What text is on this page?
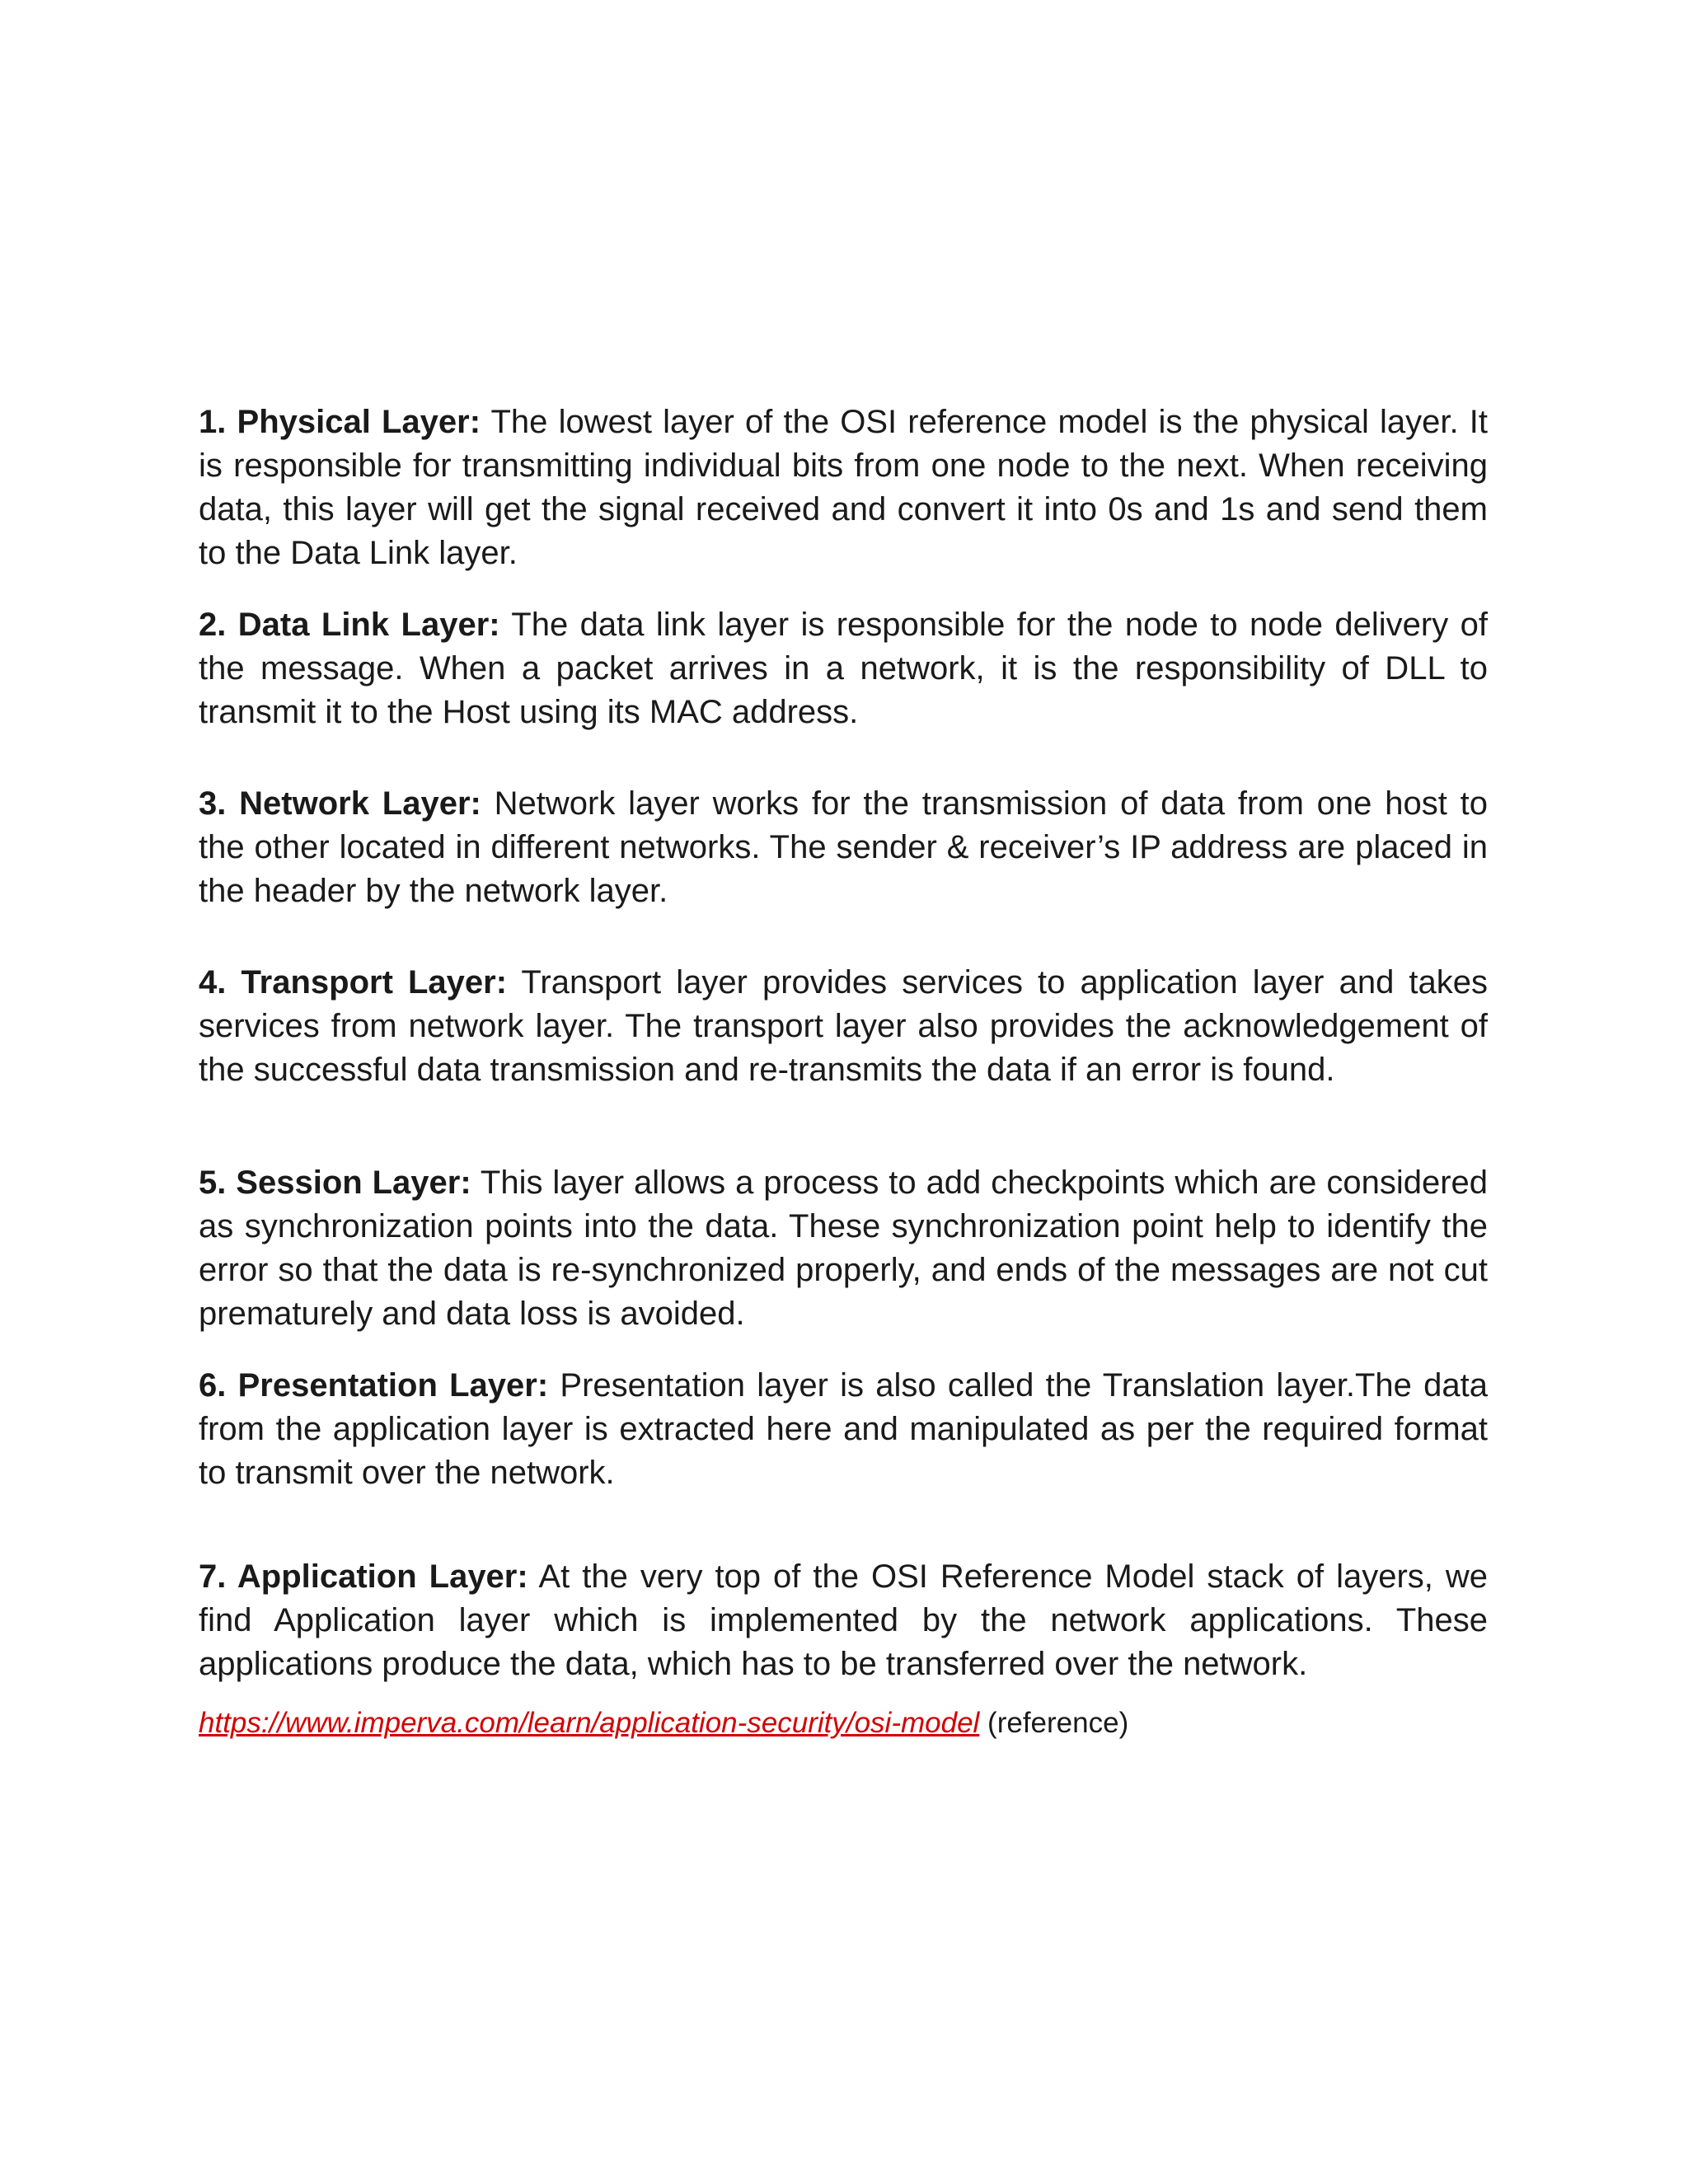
1. Physical Layer: The lowest layer of the OSI reference model is the physical layer. It is responsible for transmitting individual bits from one node to the next. When receiving data, this layer will get the signal received and convert it into 0s and 1s and send them to the Data Link layer.

2. Data Link Layer: The data link layer is responsible for the node to node delivery of the message. When a packet arrives in a network, it is the responsibility of DLL to transmit it to the Host using its MAC address.

3. Network Layer: Network layer works for the transmission of data from one host to the other located in different networks. The sender & receiver’s IP address are placed in the header by the network layer.

4. Transport Layer: Transport layer provides services to application layer and takes services from network layer. The transport layer also provides the acknowledgement of the successful data transmission and re-transmits the data if an error is found.

5. Session Layer: This layer allows a process to add checkpoints which are considered as synchronization points into the data. These synchronization point help to identify the error so that the data is re-synchronized properly, and ends of the messages are not cut prematurely and data loss is avoided.

6. Presentation Layer: Presentation layer is also called the Translation layer.The data from the application layer is extracted here and manipulated as per the required format to transmit over the network.

7. Application Layer: At the very top of the OSI Reference Model stack of layers, we find Application layer which is implemented by the network applications. These applications produce the data, which has to be transferred over the network.

https://www.imperva.com/learn/application-security/osi-model (reference)
